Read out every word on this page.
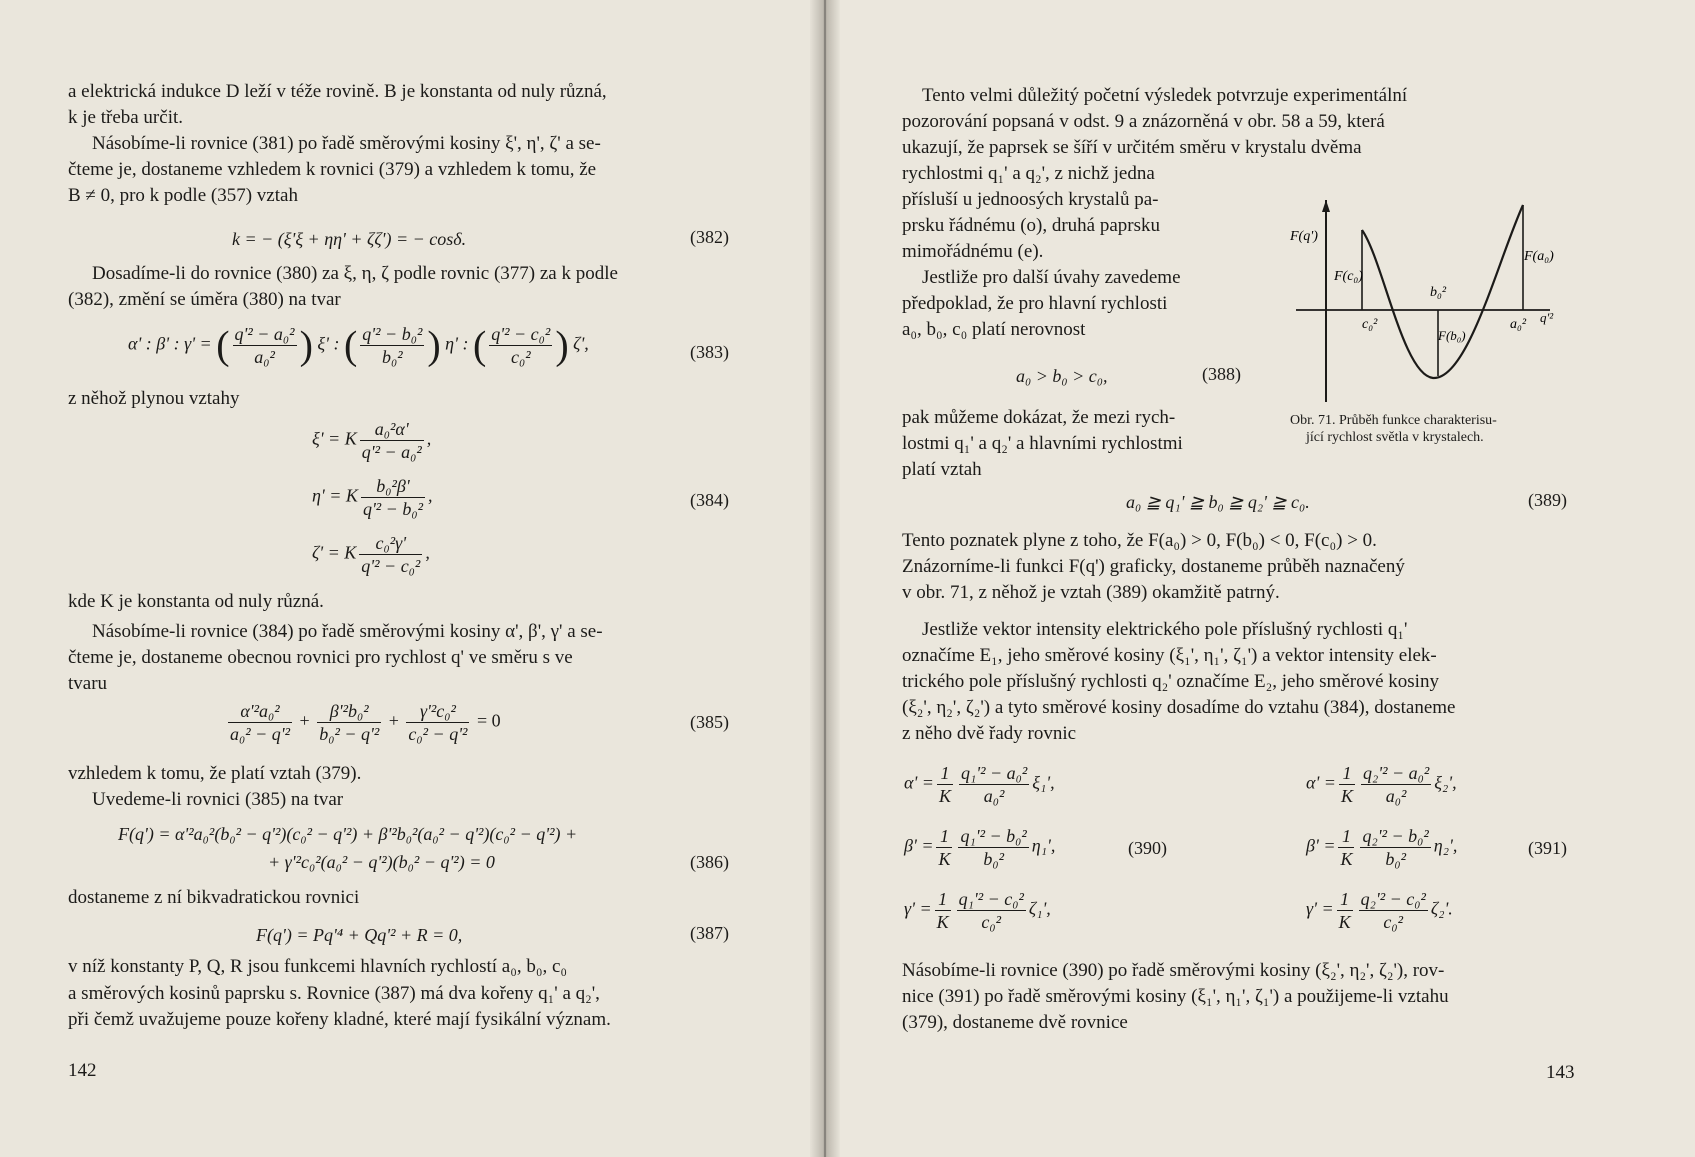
a elektrická indukce D leží v téže rovině. B je konstanta od nuly různá,
k je třeba určit.
Násobíme-li rovnice (381) po řadě směrovými kosiny ξ', η', ζ' a se-
čteme je, dostaneme vzhledem k rovnici (379) a vzhledem k tomu, že
B ≠ 0, pro k podle (357) vztah
k = − (ξ'ξ + ηη' + ζζ') = − cosδ.	(382)
Dosadíme-li do rovnice (380) za ξ, η, ζ podle rovnic (377) za k podle
(382), změní se úměra (380) na tvar
α' : β' : γ' = ( $\frac{\text{q'² − a₀²}}{\text{a₀²}}$ ) ξ' : ( $\frac{\text{q'² − b₀²}}{\text{b₀²}}$ ) η' : ( $\frac{\text{q'² − c₀²}}{\text{c₀²}}$ ) ζ',	(383)
z něhož plynou vztahy
ξ' = K $\frac{\text{a₀²α'}}{\text{q'² − a₀²}}$ ,
η' = K $\frac{\text{b₀²β'}}{\text{q'² − b₀²}}$ ,
ζ' = K $\frac{\text{c₀²γ'}}{\text{q'² − c₀²}}$ ,
(384)
kde K je konstanta od nuly různá.
Násobíme-li rovnice (384) po řadě směrovými kosiny α', β', γ' a se-
čteme je, dostaneme obecnou rovnici pro rychlost q' ve směru s ve
tvaru
$\frac{\text{α'²a₀²}}{\text{a₀² − q'²}} + \frac{\text{β'²b₀²}}{\text{b₀² − q'²}} + \frac{\text{γ'²c₀²}}{\text{c₀² − q'²}} = 0$	(385)
vzhledem k tomu, že platí vztah (379).
Uvedeme-li rovnici (385) na tvar
F(q') = α'²a₀²(b₀² − q'²)(c₀² − q'²) + β'²b₀²(a₀² − q'²)(c₀² − q'²) +
+ γ'²c₀²(a₀² − q'²)(b₀² − q'²) = 0	(386)
dostaneme z ní bikvadratickou rovnici
F(q') = Pq'⁴ + Qq'² + R = 0,	(387)
v níž konstanty P, Q, R jsou funkcemi hlavních rychlostí a₀, b₀, c₀
a směrových kosinů paprsku s. Rovnice (387) má dva kořeny q₁' a q₂',
při čemž uvažujeme pouze kořeny kladné, které mají fysikální význam.
142
Tento velmi důležitý početní výsledek potvrzuje experimentální
pozorování popsaná v odst. 9 a znázorněná v obr. 58 a 59, která
ukazují, že paprsek se šíří v určitém směru v krystalu dvěma
rychlostmi q₁' a q₂', z nichž jedna
přísluší u jednoosých krystalů pa-
prsku řádnému (o), druhá paprsku
mimořádnému (e).
Jestliže pro další úvahy zavedeme
předpoklad, že pro hlavní rychlosti
a₀, b₀, c₀ platí nerovnost
a₀ > b₀ > c₀,	(388)
pak můžeme dokázat, že mezi rych-
lostmi q₁' a q₂' a hlavními rychlostmi
platí vztah
F(q')
F(c₀)
F(a₀)
F(b₀)
b₀²
c₀²	a₀² q'²
Obr. 71. Průběh funkce charakterisu-
jící rychlost světla v krystalech.
a₀ ≧ q₁' ≧ b₀ ≧ q₂' ≧ c₀.	(389)
Tento poznatek plyne z toho, že F(a₀) > 0, F(b₀) < 0, F(c₀) > 0.
Znázorníme-li funkci F(q') graficky, dostaneme průběh naznačený
v obr. 71, z něhož je vztah (389) okamžitě patrný.
Jestliže vektor intensity elektrického pole příslušný rychlosti q₁'
označíme E₁, jeho směrové kosiny (ξ₁', η₁', ζ₁') a vektor intensity elek-
trického pole příslušný rychlosti q₂' označíme E₂, jeho směrové kosiny
(ξ₂', η₂', ζ₂') a tyto směrové kosiny dosadíme do vztahu (384), dostaneme
z něho dvě řady rovnic
$\alpha' = \frac{1}{K} \frac{\text{q₁'² − a₀²}}{\text{a₀²}} \xi_1'$,
$\beta' = \frac{1}{K} \frac{\text{q₁'² − b₀²}}{\text{b₀²}} \eta_1'$,
$\gamma' = \frac{1}{K} \frac{\text{q₁'² − c₀²}}{\text{c₀²}} \zeta_1'$,
(390)
$\alpha' = \frac{1}{K} \frac{\text{q₂'² − a₀²}}{\text{a₀²}} \xi_2'$,
$\beta' = \frac{1}{K} \frac{\text{q₂'² − b₀²}}{\text{b₀²}} \eta_2'$,
$\gamma' = \frac{1}{K} \frac{\text{q₂'² − c₀²}}{\text{c₀²}} \zeta_2'$.
(391)
Násobíme-li rovnice (390) po řadě směrovými kosiny (ξ₂', η₂', ζ₂'), rov-
nice (391) po řadě směrovými kosiny (ξ₁', η₁', ζ₁') a použijeme-li vztahu
(379), dostaneme dvě rovnice
143
